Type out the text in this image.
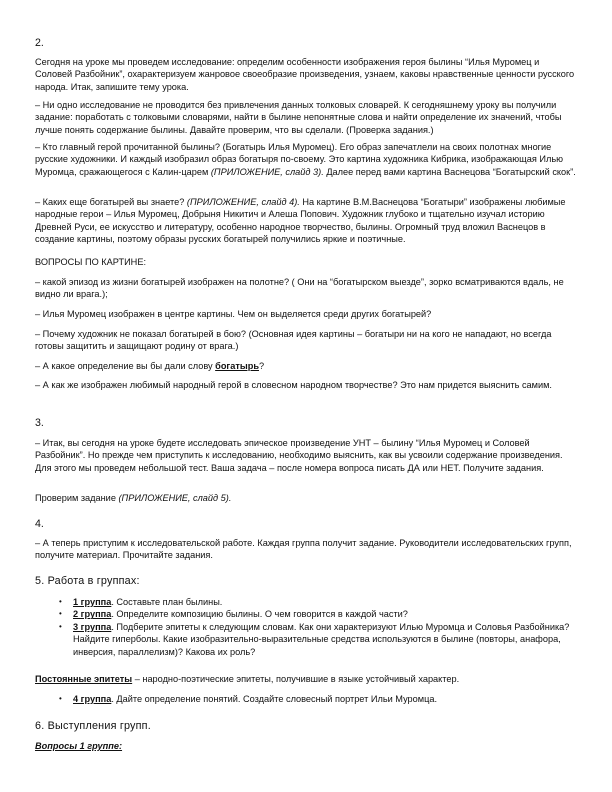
2.

Сегодня на уроке мы проведем исследование: определим особенности изображения героя былины “Илья Муромец и Соловей Разбойник”, охарактеризуем жанровое своеобразие произведения, узнаем, каковы нравственные ценности русского народа. Итак, запишите тему урока.

– Ни одно исследование не проводится без привлечения данных толковых словарей. К сегодняшнему уроку вы получили задание: поработать с толковыми словарями, найти в былине непонятные слова и найти определение их значений, чтобы лучше понять содержание былины. Давайте проверим, что вы сделали. (Проверка задания.)

– Кто главный герой прочитанной былины? (Богатырь Илья Муромец). Его образ запечатлели на своих полотнах многие русские художники. И каждый изобразил образ богатыря по-своему. Это картина художника Кибрика, изображающая Илью Муромца, сражающегося с Калин-царем (ПРИЛОЖЕНИЕ, слайд 3). Далее перед вами картина Васнецова “Богатырский скок”.

– Каких еще богатырей вы знаете? (ПРИЛОЖЕНИЕ, слайд 4). На картине В.М.Васнецова “Богатыри” изображены любимые народные герои – Илья Муромец, Добрыня Никитич и Алеша Попович. Художник глубоко и тщательно изучал историю Древней Руси, ее искусство и литературу, особенно народное творчество, былины. Огромный труд вложил Васнецов в создание картины, поэтому образы русских богатырей получились яркие и поэтичные.

ВОПРОСЫ ПО КАРТИНЕ:

– какой эпизод из жизни богатырей изображен на полотне? ( Они на “богатырском выезде”, зорко всматриваются вдаль, не видно ли врага.);

– Илья Муромец изображен в центре картины. Чем он выделяется среди других богатырей?

– Почему художник не показал богатырей в бою? (Основная идея картины – богатыри ни на кого не нападают, но всегда готовы защитить и защищают родину от врага.)

– А какое определение вы бы дали слову богатырь?

– А как же изображен любимый народный герой в словесном народном творчестве? Это нам придется выяснить самим.

3.

– Итак, вы сегодня на уроке будете исследовать эпическое произведение УНТ – былину “Илья Муромец и Соловей Разбойник”. Но прежде чем приступить к исследованию, необходимо выяснить, как вы усвоили содержание произведения. Для этого мы проведем небольшой тест. Ваша задача – после номера вопроса писать ДА или НЕТ. Получите задания.

Проверим задание (ПРИЛОЖЕНИЕ, слайд 5).

4.

– А теперь приступим к исследовательской работе. Каждая группа получит задание. Руководители исследовательских групп, получите материал. Прочитайте задания.

5. Работа в группах:

• 1 группа. Составьте план былины.
• 2 группа. Определите композицию былины. О чем говорится в каждой части?
• 3 группа. Подберите эпитеты к следующим словам. Как они характеризуют Илью Муромца и Соловья Разбойника? Найдите гиперболы. Какие изобразительно-выразительные средства используются в былине (повторы, анафора, инверсия, параллелизм)? Какова их роль?

Постоянные эпитеты – народно-поэтические эпитеты, получившие в языке устойчивый характер.

• 4 группа. Дайте определение понятий. Создайте словесный портрет Ильи Муромца.

6. Выступления групп.

Вопросы 1 группе:
